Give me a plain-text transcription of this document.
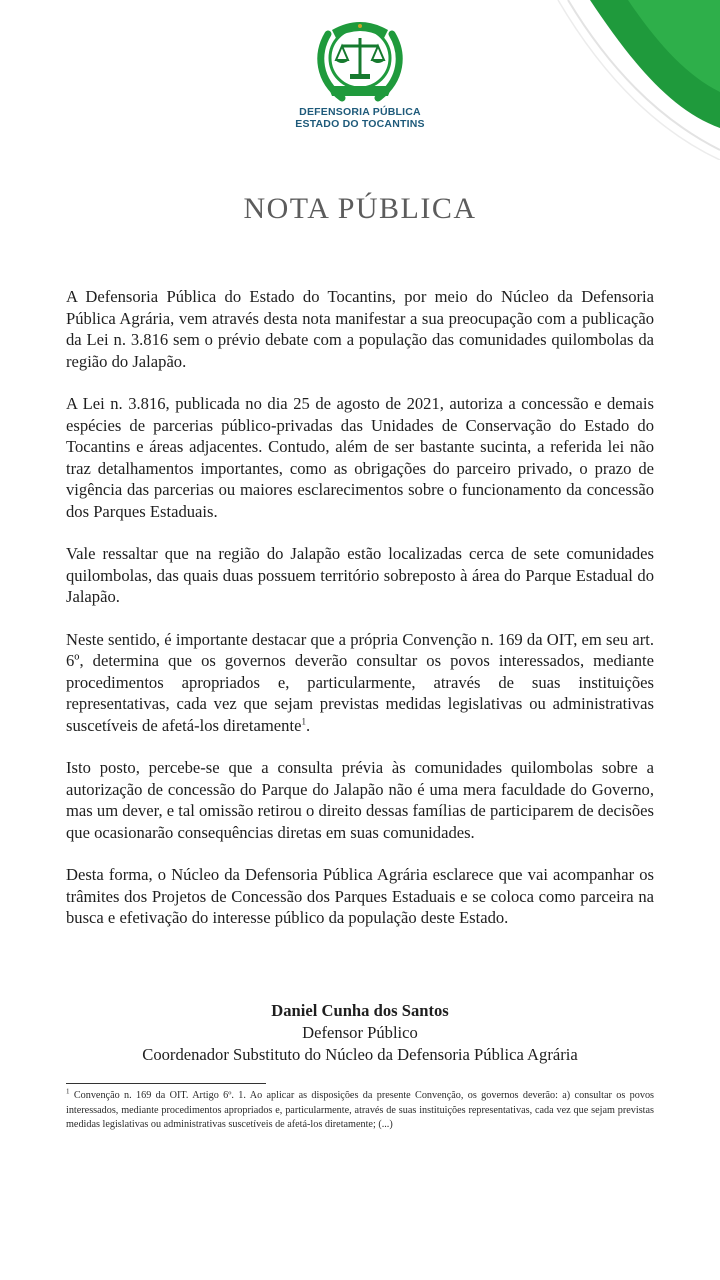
DEFENSORIA PÚBLICA
ESTADO DO TOCANTINS
NOTA PÚBLICA

A Defensoria Pública do Estado do Tocantins, por meio do Núcleo da Defensoria Pública Agrária, vem através desta nota manifestar a sua preocupação com a publicação da Lei n. 3.816 sem o prévio debate com a população das comunidades quilombolas da região do Jalapão.

A Lei n. 3.816, publicada no dia 25 de agosto de 2021, autoriza a concessão e demais espécies de parcerias público-privadas das Unidades de Conservação do Estado do Tocantins e áreas adjacentes. Contudo, além de ser bastante sucinta, a referida lei não traz detalhamentos importantes, como as obrigações do parceiro privado, o prazo de vigência das parcerias ou maiores esclarecimentos sobre o funcionamento da concessão dos Parques Estaduais.

Vale ressaltar que na região do Jalapão estão localizadas cerca de sete comunidades quilombolas, das quais duas possuem território sobreposto à área do Parque Estadual do Jalapão.

Neste sentido, é importante destacar que a própria Convenção n. 169 da OIT, em seu art. 6º, determina que os governos deverão consultar os povos interessados, mediante procedimentos apropriados e, particularmente, através de suas instituições representativas, cada vez que sejam previstas medidas legislativas ou administrativas suscetíveis de afetá-los diretamente$^1$.

Isto posto, percebe-se que a consulta prévia às comunidades quilombolas sobre a autorização de concessão do Parque do Jalapão não é uma mera faculdade do Governo, mas um dever, e tal omissão retirou o direito dessas famílias de participarem de decisões que ocasionarão consequências diretas em suas comunidades.

Desta forma, o Núcleo da Defensoria Pública Agrária esclarece que vai acompanhar os trâmites dos Projetos de Concessão dos Parques Estaduais e se coloca como parceira na busca e efetivação do interesse público da população deste Estado.

Daniel Cunha dos Santos
Defensor Público
Coordenador Substituto do Núcleo da Defensoria Pública Agrária
$^1$ Convenção n. 169 da OIT. Artigo 6º. 1. Ao aplicar as disposições da presente Convenção, os governos deverão: a) consultar os povos interessados, mediante procedimentos apropriados e, particularmente, através de suas instituições representativas, cada vez que sejam previstas medidas legislativas ou administrativas suscetíveis de afetá-los diretamente; (...)
